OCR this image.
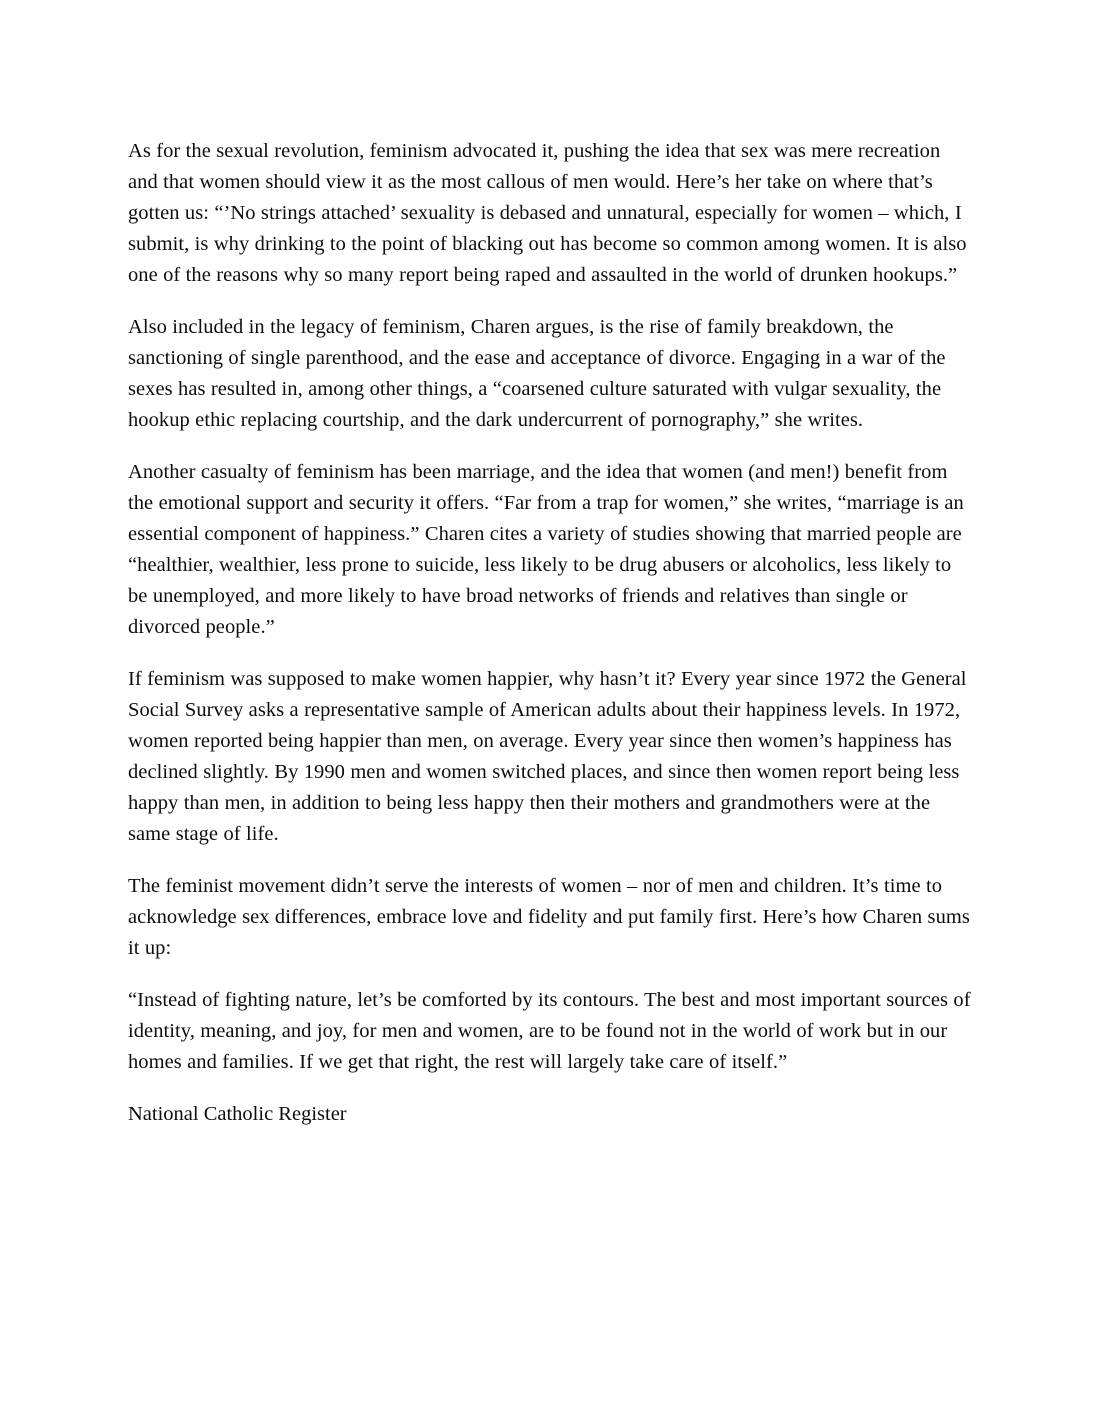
As for the sexual revolution, feminism advocated it, pushing the idea that sex was mere recreation and that women should view it as the most callous of men would. Here’s her take on where that’s gotten us: “’No strings attached’ sexuality is debased and unnatural, especially for women – which, I submit, is why drinking to the point of blacking out has become so common among women. It is also one of the reasons why so many report being raped and assaulted in the world of drunken hookups.”

Also included in the legacy of feminism, Charen argues, is the rise of family breakdown, the sanctioning of single parenthood, and the ease and acceptance of divorce. Engaging in a war of the sexes has resulted in, among other things, a “coarsened culture saturated with vulgar sexuality, the hookup ethic replacing courtship, and the dark undercurrent of pornography,” she writes.

Another casualty of feminism has been marriage, and the idea that women (and men!) benefit from the emotional support and security it offers. “Far from a trap for women,” she writes, “marriage is an essential component of happiness.” Charen cites a variety of studies showing that married people are “healthier, wealthier, less prone to suicide, less likely to be drug abusers or alcoholics, less likely to be unemployed, and more likely to have broad networks of friends and relatives than single or divorced people.”

If feminism was supposed to make women happier, why hasn’t it? Every year since 1972 the General Social Survey asks a representative sample of American adults about their happiness levels. In 1972, women reported being happier than men, on average. Every year since then women’s happiness has declined slightly. By 1990 men and women switched places, and since then women report being less happy than men, in addition to being less happy then their mothers and grandmothers were at the same stage of life.

The feminist movement didn’t serve the interests of women – nor of men and children. It’s time to acknowledge sex differences, embrace love and fidelity and put family first. Here’s how Charen sums it up:

“Instead of fighting nature, let’s be comforted by its contours. The best and most important sources of identity, meaning, and joy, for men and women, are to be found not in the world of work but in our homes and families. If we get that right, the rest will largely take care of itself.”

National Catholic Register
